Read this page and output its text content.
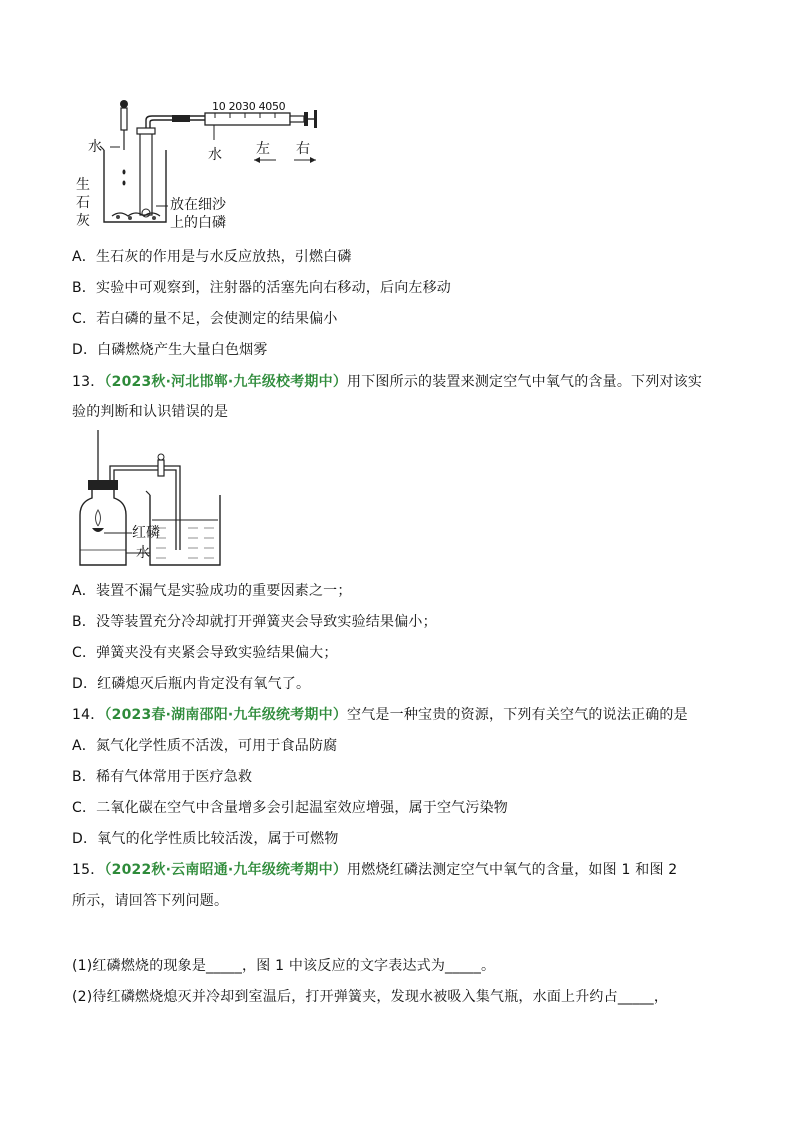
水
生
石
灰
放在细沙
上的白磷
10 2030 4050
水 左 右
A．生石灰的作用是与水反应放热，引燃白磷
B．实验中可观察到，注射器的活塞先向右移动，后向左移动
C．若白磷的量不足，会使测定的结果偏小
D．白磷燃烧产生大量白色烟雾
13．（2023秋·河北邯郸·九年级校考期中）用下图所示的装置来测定空气中氧气的含量。下列对该实
验的判断和认识错误的是
红磷
水
A．装置不漏气是实验成功的重要因素之一；
B．没等装置充分冷却就打开弹簧夹会导致实验结果偏小；
C．弹簧夹没有夹紧会导致实验结果偏大；
D．红磷熄灭后瓶内肯定没有氧气了。
14．（2023春·湖南邵阳·九年级统考期中）空气是一种宝贵的资源，下列有关空气的说法正确的是
A．氮气化学性质不活泼，可用于食品防腐
B．稀有气体常用于医疗急救
C．二氧化碳在空气中含量增多会引起温室效应增强，属于空气污染物
D．氧气的化学性质比较活泼，属于可燃物
15．（2022秋·云南昭通·九年级统考期中）用燃烧红磷法测定空气中氧气的含量，如图 1 和图 2
所示，请回答下列问题。
(1)红磷燃烧的现象是_____，图 1 中该反应的文字表达式为_____。
(2)待红磷燃烧熄灭并冷却到室温后，打开弹簧夹，发现水被吸入集气瓶，水面上升约占_____，
